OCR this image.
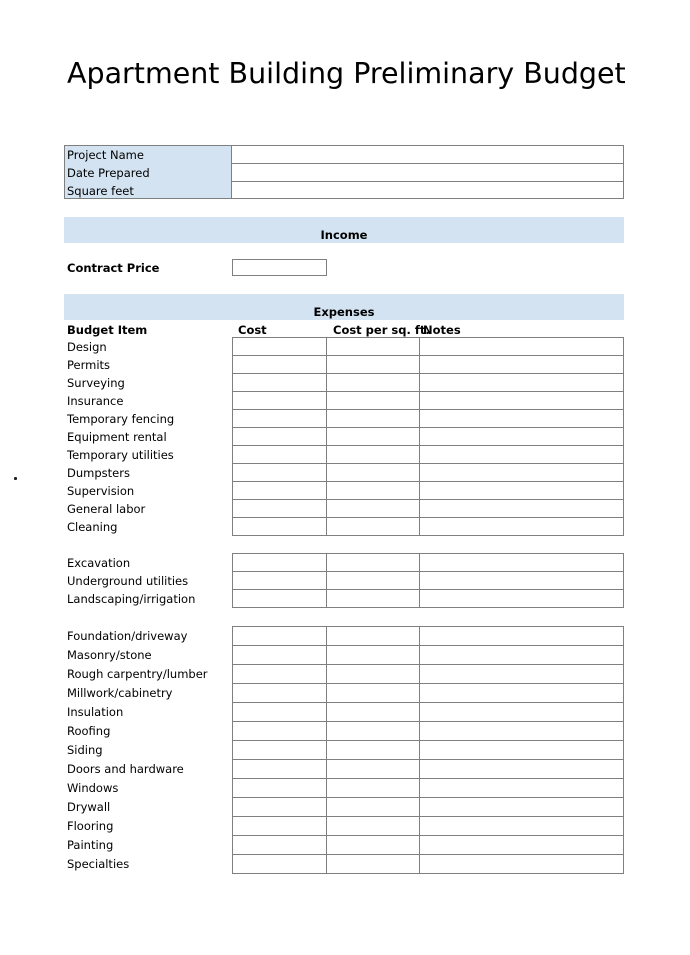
Apartment Building Preliminary Budget
Project Name
Date Prepared
Square feet
Income
Contract Price
Expenses
Budget Item	Cost	Cost per sq. ft.
Notes
Design
Permits
Surveying
Insurance
Temporary fencing
Equipment rental
Temporary utilities
Dumpsters
Supervision
General labor
Cleaning
Excavation
Underground utilities
Landscaping/irrigation
Foundation/driveway
Masonry/stone
Rough carpentry/lumber
Millwork/cabinetry
Insulation
Roofing
Siding
Doors and hardware
Windows
Drywall
Flooring
Painting
Specialties
